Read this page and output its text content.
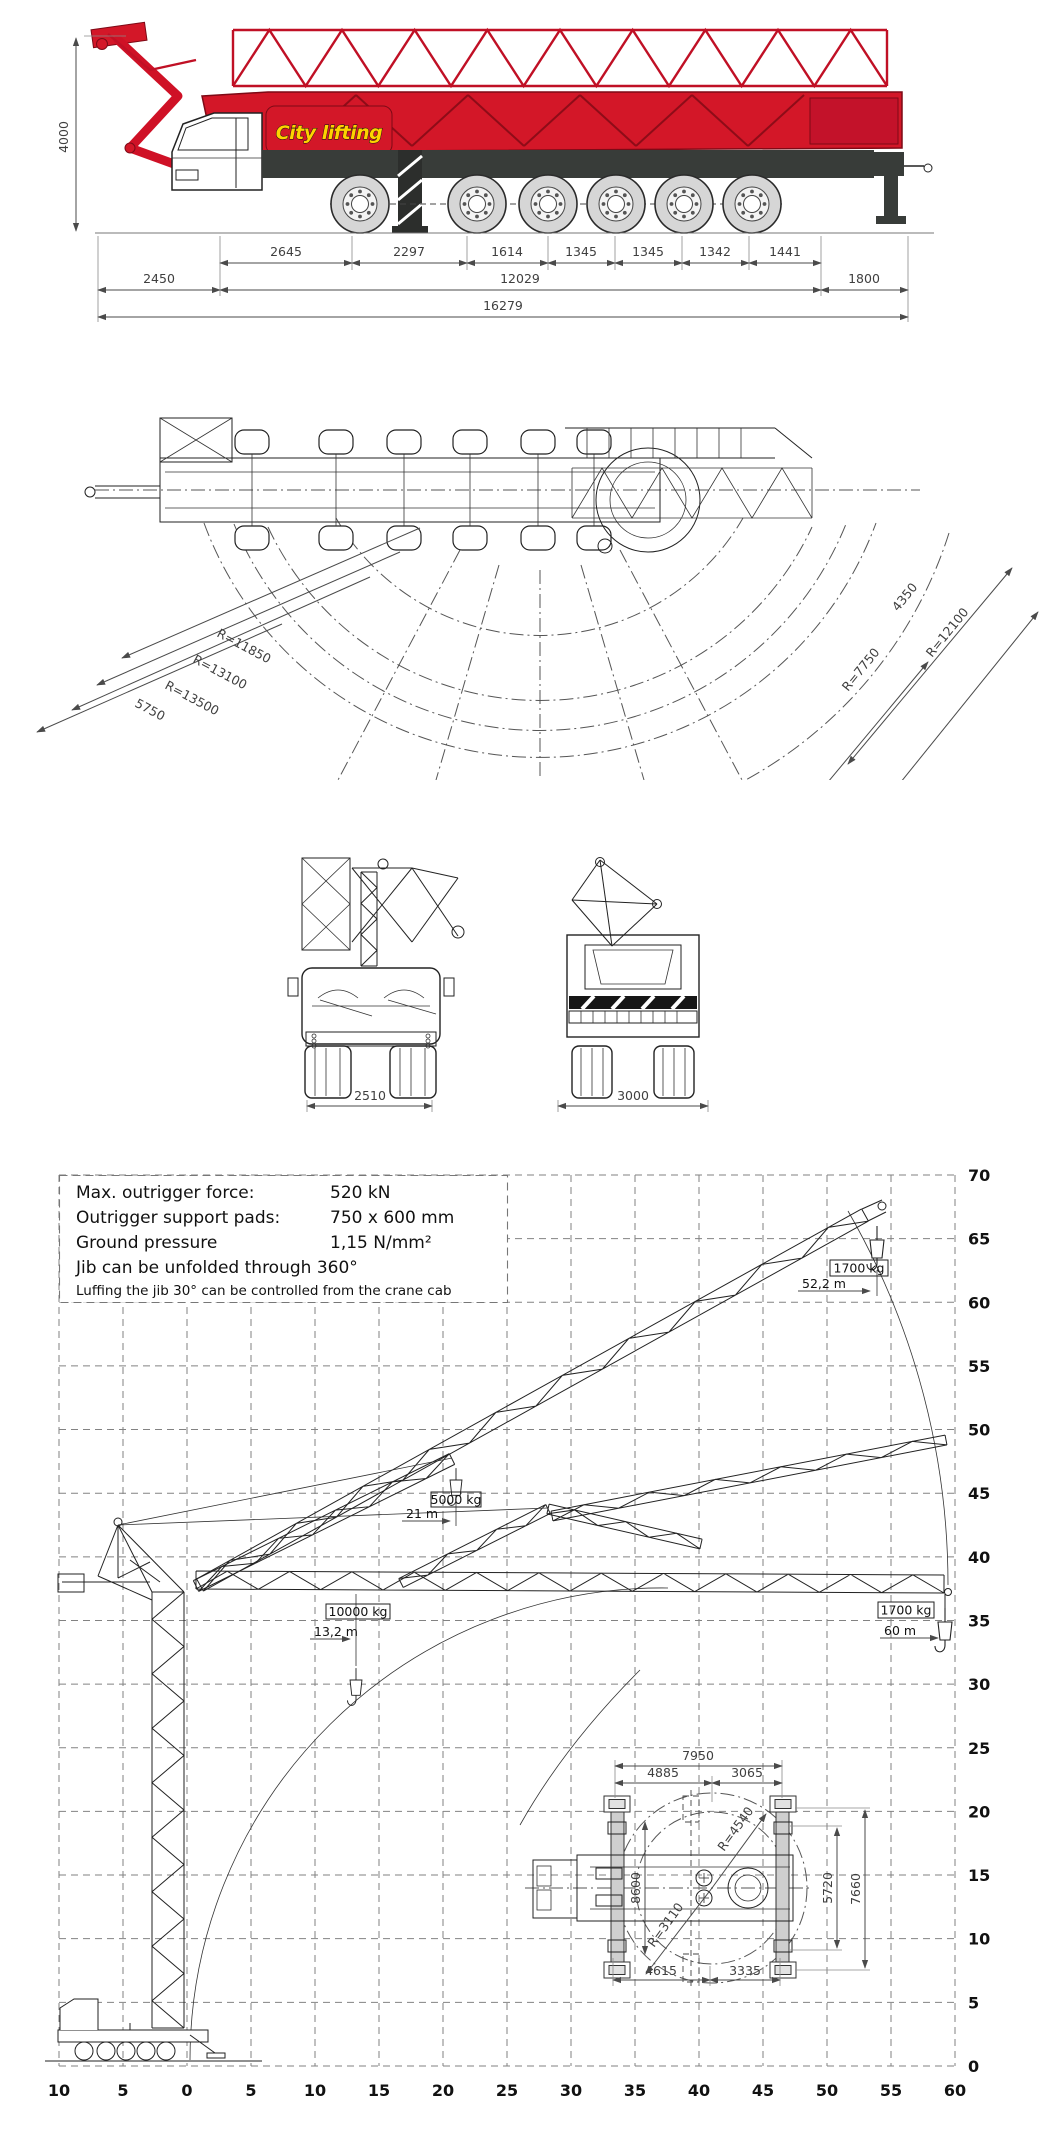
City lifting
4000
2645	2297	1614	1345	1345	1342	1441
2450	12029	1800
16279
R=11850
R=13100
R=13500
5750
4350
R=12100
R=7750
2510	3000
70
10
65
5
60
0
55
5
50
10
45
15
40
20
35
25
30
30
25
35
20
40
15
45
10
50
5
55
0
60
Max. outrigger force:	520 kN
Outrigger support pads:	750 x 600 mm
Ground pressure	1,15 N/mm²
Jib can be unfolded through 360°
Luffing the jib 30° can be controlled from the crane cab
1700 kg
52,2 m
5000 kg
21 m
10000 kg
13,2 m
1700 kg
60 m
7950
4885	3065
8600	5720 7660
4615	3335
R=4540
R=3110
